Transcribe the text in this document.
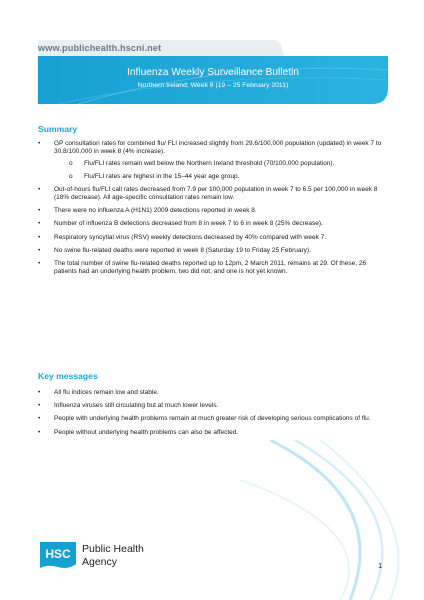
www.publichealth.hscni.net
Influenza Weekly Surveillance Bulletin
Northern Ireland, Week 8 (19 – 25 February 2011)
Summary
• GP consultation rates for combined flu/ FLI increased slightly from 29.6/100,000 population (updated) in week 7 to 30.8/100,000 in week 8 (4% increase).
o Flu/FLI rates remain well below the Northern Ireland threshold (70/100,000 population).
o Flu/FLI rates are highest in the 15–44 year age group.
• Out-of-hours flu/FLI call rates decreased from 7.9 per 100,000 population in week 7 to 6.5 per 100,000 in week 8 (18% decrease). All age-specific consultation rates remain low.
• There were no influenza A (H1N1) 2009 detections reported in week 8.
• Number of influenza B detections decreased from 8 in week 7 to 6 in week 8 (25% decrease).
• Respiratory syncytial virus (RSV) weekly detections decreased by 40% compared with week 7.
• No swine flu-related deaths were reported in week 8 (Saturday 19 to Friday 25 February).
• The total number of swine flu-related deaths reported up to 12pm, 2 March 2011, remains at 29. Of these, 26 patients had an underlying health problem, two did not, and one is not yet known.
Key messages
• All flu indices remain low and stable.
• Influenza viruses still circulating but at much lower levels.
• People with underlying health problems remain at much greater risk of developing serious complications of flu.
• People without underlying health problems can also be affected.
HSC Public Health
Agency	1
